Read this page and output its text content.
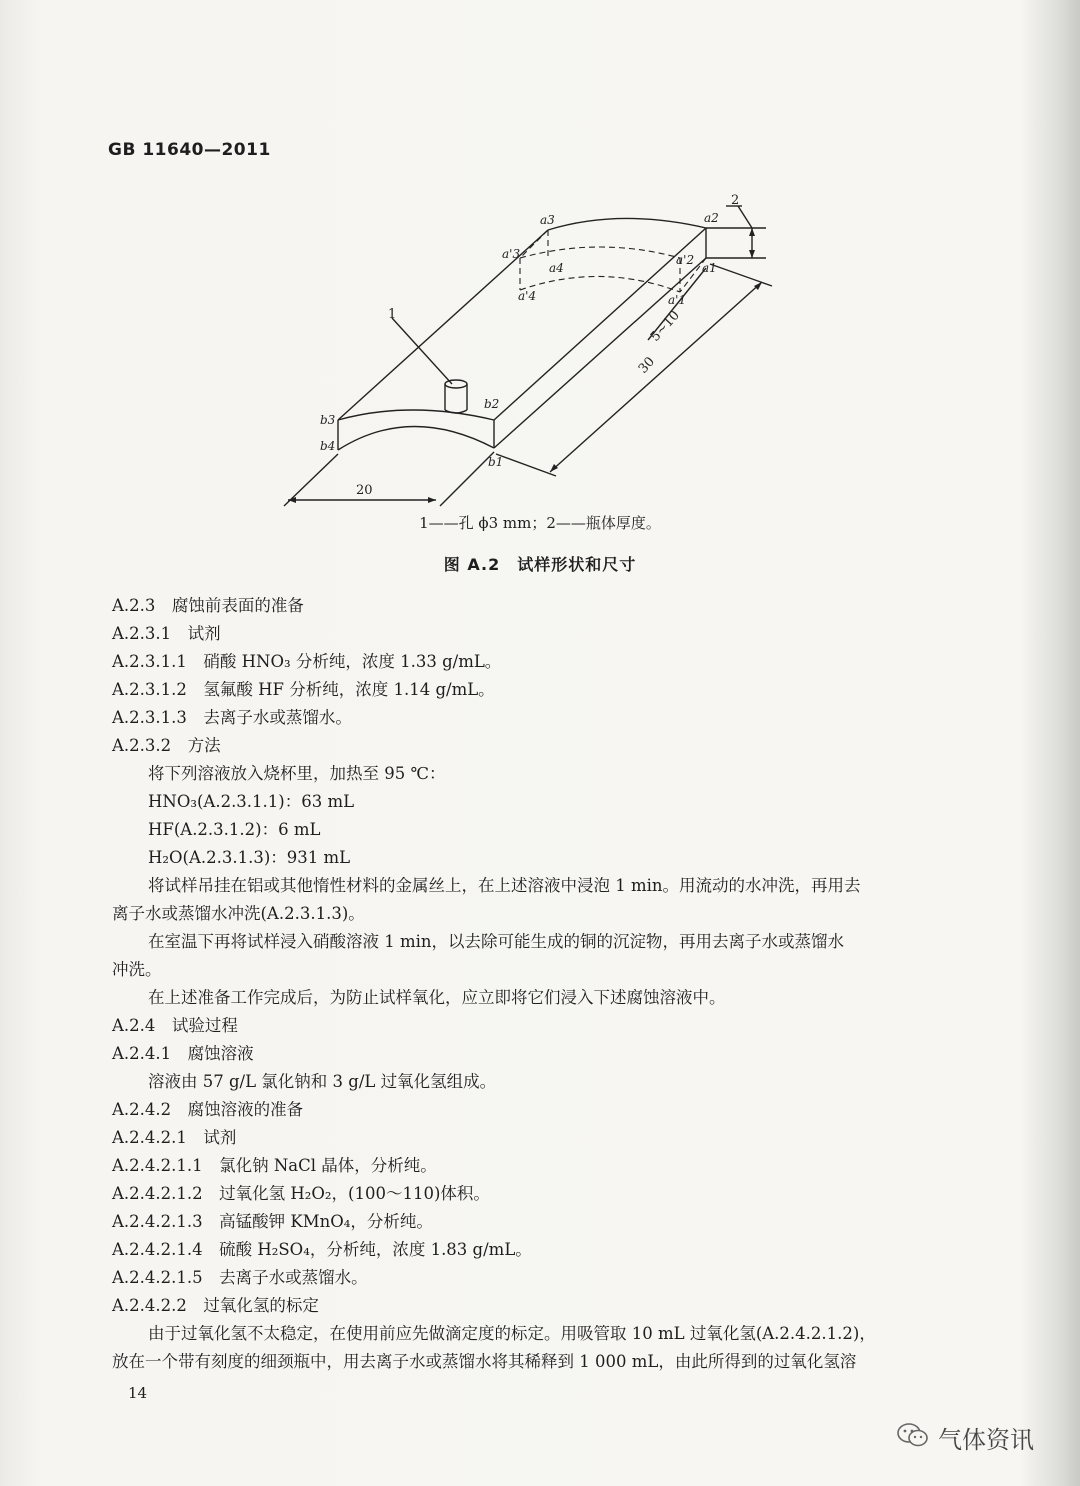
GB 11640—2011
a3	a2
a'3
a4
a'2
a1
a'4	a'1
b2
b3
b4
b1
1
2
20
30
5~10
1——孔 ϕ3 mm；2——瓶体厚度。
图 A.2　试样形状和尺寸
A.2.3　腐蚀前表面的准备
A.2.3.1　试剂
A.2.3.1.1　硝酸 HNO₃ 分析纯，浓度 1.33 g/mL。
A.2.3.1.2　氢氟酸 HF 分析纯，浓度 1.14 g/mL。
A.2.3.1.3　去离子水或蒸馏水。
A.2.3.2　方法
将下列溶液放入烧杯里，加热至 95 ℃：
HNO₃(A.2.3.1.1)：63 mL
HF(A.2.3.1.2)：6 mL
H₂O(A.2.3.1.3)：931 mL
将试样吊挂在铝或其他惰性材料的金属丝上，在上述溶液中浸泡 1 min。用流动的水冲洗，再用去
离子水或蒸馏水冲洗(A.2.3.1.3)。
在室温下再将试样浸入硝酸溶液 1 min，以去除可能生成的铜的沉淀物，再用去离子水或蒸馏水
冲洗。
在上述准备工作完成后，为防止试样氧化，应立即将它们浸入下述腐蚀溶液中。
A.2.4　试验过程
A.2.4.1　腐蚀溶液
溶液由 57 g/L 氯化钠和 3 g/L 过氧化氢组成。
A.2.4.2　腐蚀溶液的准备
A.2.4.2.1　试剂
A.2.4.2.1.1　氯化钠 NaCl 晶体，分析纯。
A.2.4.2.1.2　过氧化氢 H₂O₂，(100～110)体积。
A.2.4.2.1.3　高锰酸钾 KMnO₄，分析纯。
A.2.4.2.1.4　硫酸 H₂SO₄，分析纯，浓度 1.83 g/mL。
A.2.4.2.1.5　去离子水或蒸馏水。
A.2.4.2.2　过氧化氢的标定
由于过氧化氢不太稳定，在使用前应先做滴定度的标定。用吸管取 10 mL 过氧化氢(A.2.4.2.1.2)，
放在一个带有刻度的细颈瓶中，用去离子水或蒸馏水将其稀释到 1 000 mL，由此所得到的过氧化氢溶
14
气体资讯
